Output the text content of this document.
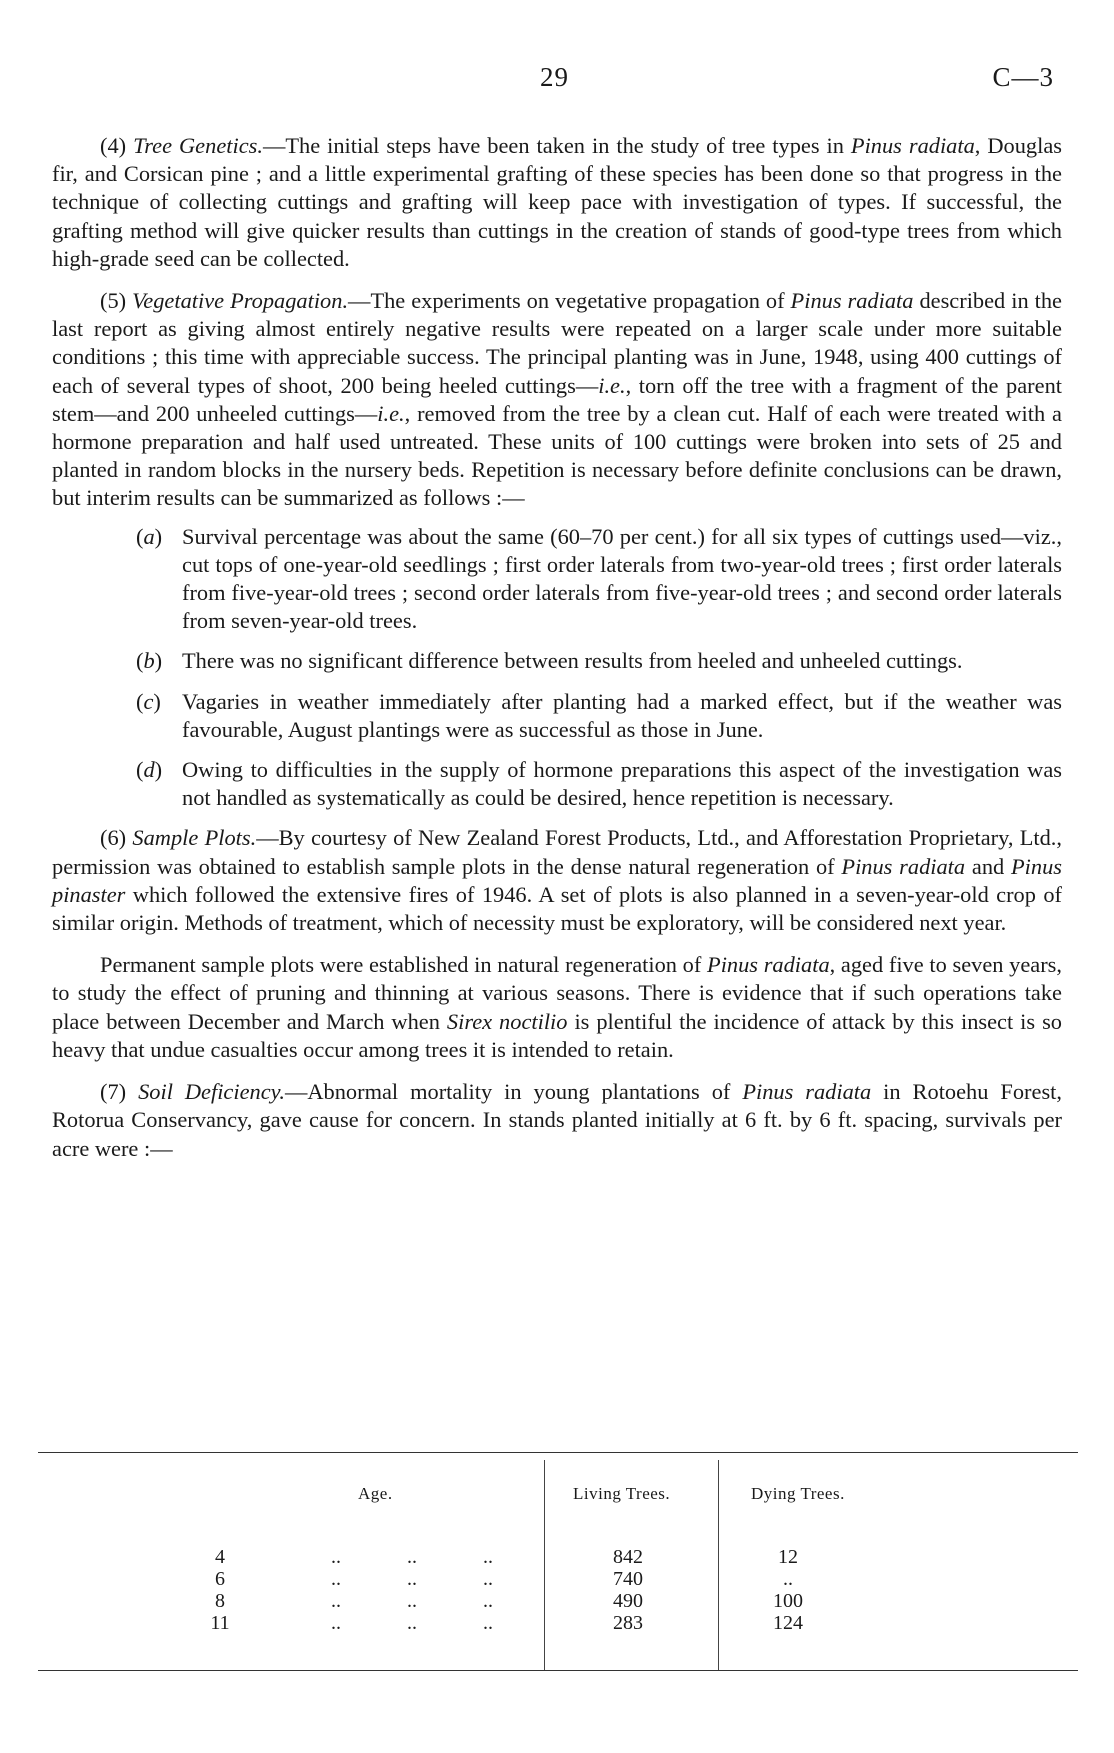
29	C—3

(4) Tree Genetics.—The initial steps have been taken in the study of tree types in Pinus radiata, Douglas fir, and Corsican pine ; and a little experimental grafting of these species has been done so that progress in the technique of collecting cuttings and grafting will keep pace with investigation of types. If successful, the grafting method will give quicker results than cuttings in the creation of stands of good-type trees from which high-grade seed can be collected.

(5) Vegetative Propagation.—The experiments on vegetative propagation of Pinus radiata described in the last report as giving almost entirely negative results were repeated on a larger scale under more suitable conditions ; this time with appreciable success. The principal planting was in June, 1948, using 400 cuttings of each of several types of shoot, 200 being heeled cuttings—i.e., torn off the tree with a fragment of the parent stem—and 200 unheeled cuttings—i.e., removed from the tree by a clean cut. Half of each were treated with a hormone preparation and half used untreated. These units of 100 cuttings were broken into sets of 25 and planted in random blocks in the nursery beds. Repetition is necessary before definite conclusions can be drawn, but interim results can be summarized as follows :—

(a) Survival percentage was about the same (60–70 per cent.) for all six types of cuttings used—viz., cut tops of one-year-old seedlings ; first order laterals from two-year-old trees ; first order laterals from five-year-old trees ; second order laterals from five-year-old trees ; and second order laterals from seven-year-old trees.
(b) There was no significant difference between results from heeled and unheeled cuttings.
(c) Vagaries in weather immediately after planting had a marked effect, but if the weather was favourable, August plantings were as successful as those in June.
(d) Owing to difficulties in the supply of hormone preparations this aspect of the investigation was not handled as systematically as could be desired, hence repetition is necessary.

(6) Sample Plots.—By courtesy of New Zealand Forest Products, Ltd., and Afforestation Proprietary, Ltd., permission was obtained to establish sample plots in the dense natural regeneration of Pinus radiata and Pinus pinaster which followed the extensive fires of 1946. A set of plots is also planned in a seven-year-old crop of similar origin. Methods of treatment, which of necessity must be exploratory, will be considered next year.

Permanent sample plots were established in natural regeneration of Pinus radiata, aged five to seven years, to study the effect of pruning and thinning at various seasons. There is evidence that if such operations take place between December and March when Sirex noctilio is plentiful the incidence of attack by this insect is so heavy that undue casualties occur among trees it is intended to retain.

(7) Soil Deficiency.—Abnormal mortality in young plantations of Pinus radiata in Rotoehu Forest, Rotorua Conservancy, gave cause for concern. In stands planted initially at 6 ft. by 6 ft. spacing, survivals per acre were :—

Age.	Living Trees.	Dying Trees.
4	..	..	..	842	12
6	..	..	..	740	..
8	..	..	..	490	100
11	..	..	..	283	124
